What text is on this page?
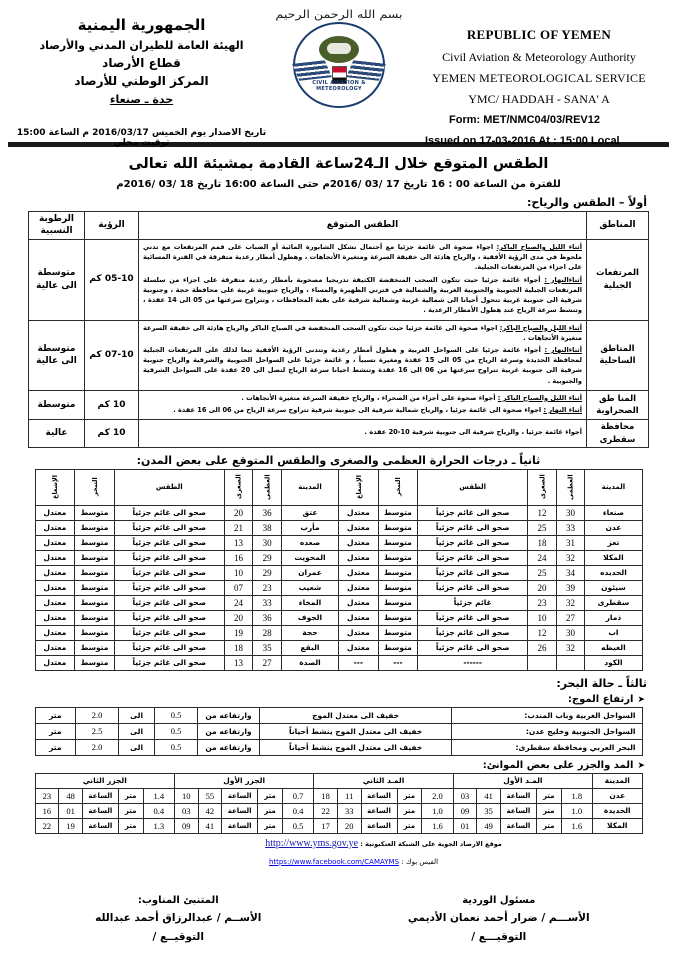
الجمهورية اليمنية
الهيئة العامة للطيران المدني والأرصاد
قطاع الأرصاد
المركز الوطني للأرصاد
حدة ـ صنعاء
تاريخ الاصدار يوم الخميس 2016/03/17 م الساعة 15:00 توقيت محلي
بسم الله الرحمن الرحيم
CIVIL AVIATION & METEOROLOGY
REPUBLIC OF YEMEN
Civil Aviation & Meteorology Authority
YEMEN METEOROLOGICAL SERVICE
YMC/ HADDAH - SANA' A
Form: MET/NMC04/03/REV12
Issued on 17-03-2016 At : 15:00 Local
الطقس المتوقع خلال الـ24ساعة القادمة بمشيئة الله تعالى
للفترة من الساعة 00 : 16 تاريخ 17 /03 /2016م حتى الساعة 16:00 تاريخ 18 /03 /2016م
أولاً – الطقس والرياح:
المناطق	الطقس المتوقع	الرؤية	الرطوبة النسبية
المرتفعات الجبلية	أثناء الليل والصباح الباكر: اجواء صحوة الى غائمة جزئيا مع أحتمال تشكل الشابورة المائية أو الضباب على قمم المرتفعات مع تدني ملحوظ في مدى الرؤية الأفقية ، والرياح هادئة الى خفيفة السرعة ومتغيرة الأتجاهات ، وهطول أمطار رعدية متفرقة في الفترة المسائية على اجزاء من المرتفعات الجبلية.

أثناءالنهار : أجواء غائمة جزئيا حيث تتكون السحب المنخفضة الكثيفة تدريجيا مصحوبة بأمطار رعدية متفرقة على اجزاء من سلسلة المرتفعات الجبلية الجنوبية والجنوبية الغربية والشمالية في فترتي الظهيرة والمساء ، والرياح جنوبية غربية على محافظة حجة ، وجنوبية شرقية الى جنوبية غربية تتحول أحيانا الى شمالية غربية وشمالية شرقية على بقية المحافظات ، وتتراوح سرعتها من 05 الى 14 عقدة ، وتنشط سرعة الرياح عند هطول الأمطار الرعدية .	05-10 كم	متوسطة الى عالية
المناطق الساحلية	أثناء الليل والصباح الباكر: اجواء صحوة الى غائمة جزئيا حيث تتكون السحب المنخفضة في الصباح الباكر والرياح هادئة الى خفيفة السرعة متغيرة الأتجاهات .

أثناءالنهار : أجواء غائمة جزئيا على السواحل الغربية و هطول أمطار رعدية وتتدنى الرؤية الأفقية تبعا لذلك على المرتفعات الجبلية لمحافظة الحديدة وسرعة الرياح من 05 الى 15 عقدة ومغيرة نسبياً ، و غائمة جزئيا على السواحل الجنوبية والشرقية والرياح جنوبية شرقية الى جنوبية غربية تتراوح سرعتها من 06 الى 16 عقدة وتنشط احيانا سرعة الرياح لتصل الى 20 عقدة على السواحل الشرقية والجنوبية .	07-10 كم	متوسطة الى عالية
المنا طق الصحراوية	أثناء الليل والصباح الباكر : أجواء صحوة على أجزاء من الصحراء ، والرياح خفيفة السرعة متغيرة الأتجاهات .

أثناء النهار : اجواء صحوة الى غائمة جزئيا ، والرياح شمالية شرقية الى جنوبية شرقية تتراوح سرعة الرياح من 06 الى 16 عقدة .	10 كم	متوسطة
محافظة سقطرى	أجواء غائمة جزئيا ، والرياح شرقية الى جنوبية شرقية 10-20 عقدة .	10 كم	عالية
ثانياً ـ درجات الحرارة العظمى والصغرى والطقس المتوقع على بعض المدن:
المدينة	العظمى	الصغرى	الطقس	التبخر	الإشعاع	المدينة	العظمى	الصغرى	الطقس	التبخر	الإشعاع
صنعاء	30	12	صحو الى غائم جزئياً	متوسط	معتدل	عتق	36	20	صحو الى غائم جزئياً	متوسط	معتدل
عدن	33	25	صحو الى غائم جزئياً	متوسط	معتدل	مأرب	38	21	صحو الى غائم جزئياً	متوسط	معتدل
تعز	31	18	صحو الى غائم جزئياً	متوسط	معتدل	صعده	30	13	صحو الى غائم جزئياً	متوسط	معتدل
المكلا	32	24	صحو الى غائم جزئياً	متوسط	معتدل	المحويت	29	16	صحو الى غائم جزئياً	متوسط	معتدل
الحديده	34	25	صحو الى غائم جزئياً	متوسط	معتدل	عمران	29	10	صحو الى غائم جزئياً	متوسط	معتدل
سيئون	39	20	صحو الى غائم جزئياً	متوسط	معتدل	شعيب	23	07	صحو الى غائم جزئياً	متوسط	معتدل
سقطرى	32	23	غائم جزئياً	متوسط	معتدل	المخاء	33	24	صحو الى غائم جزئياً	متوسط	معتدل
ذمار	27	10	صحو الى غائم جزئياً	متوسط	معتدل	الجوف	36	20	صحو الى غائم جزئياً	متوسط	معتدل
اب	30	12	صحو الى غائم جزئياً	متوسط	معتدل	حجة	28	19	صحو الى غائم جزئياً	متوسط	معتدل
الغيظه	32	26	صحو الى غائم جزئياً	متوسط	معتدل	البقع	35	18	صحو الى غائم جزئياً	متوسط	معتدل
الكود			------	---	---	الصدة	27	13	صحو الى غائم جزئياً	متوسط	معتدل
ثالثاً ـ حالة البحر:
➤ارتفاع الموج:
السواحل الغربية وباب المندب:	خفيف الى معتدل الموج	وارتفاعه من	0.5	الى	2.0	متر
السواحل الجنوبية وخليج عدن:	خفيف الى معتدل الموج ينشط أحياناً	وارتفاعه من	0.5	الى	2.5	متر
البحر العربي ومحافظة سقطرى:	خفيف الى معتدل الموج ينشط أحياناً	وارتفاعه من	0.5	الى	2.0	متر
➤المد والجزر على بعض الموانئ:
المدينة	المـد الأول					المـد الثاني					الجزر الأول					الجزر الثاني				
عدن	1.8	متر	الساعة	41	03	2.0	متر	الساعة	11	18	0.7	متر	الساعة	55	10	1.4	متر	الساعة	48	23
الحديدة	1.0	متر	الساعة	35	09	1.0	متر	الساعة	33	22	0.4	متر	الساعة	42	03	0.4	متر	الساعة	01	16
المكلا	1.6	متر	الساعة	49	01	1.6	متر	الساعة	20	17	0.5	متر	الساعة	41	09	1.3	متر	الساعة	19	22
موقع الارصاد الجوية على الشبكة العنكبوتية : http://www.yms.gov.ye
الفيس بوك : https://www.facebook.com/CAMAYMS
المتنبئ المناوب:
الأســم / عبدالرزاق أحمد عبدالله
التوقيــع /
مسئول الوردية
الأســـم / ضرار أحمد نعمان الأديمي
التوقيـــع /
